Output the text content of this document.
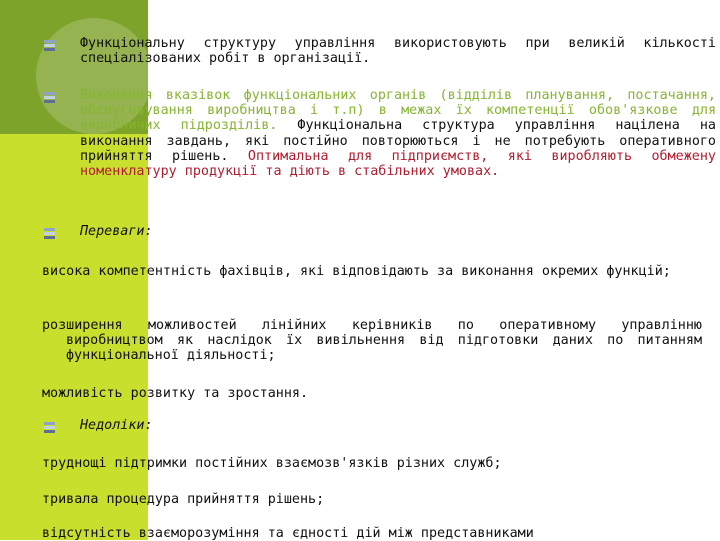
Функціональну структуру управління використовують при великій кількості спеціалізованих робіт в організації.
Виконання вказівок функціональних органів (відділів планування, постачання, обслуговування виробництва і т.п) в межах їх компетенції обов'язкове для виробничих підрозділів. Функціональна структура управління націлена на виконання завдань, які постійно повторюються і не потребують оперативного прийняття рішень. Оптимальна для підприємств, які виробляють обмежену номенклатуру продукції та діють в стабільних умовах.
Переваги:
висока компетентність фахівців, які відповідають за виконання окремих функцій;
розширення можливостей лінійних керівників по оперативному управлінню виробництвом як наслідок їх вивільнення від підготовки даних по питанням функціональної діяльності;
можливість розвитку та зростання.
Недоліки:
труднощі підтримки постійних взаємозв'язків різних служб;
тривала процедура прийняття рішень;
відсутність взаєморозуміння та єдності дій між представниками
